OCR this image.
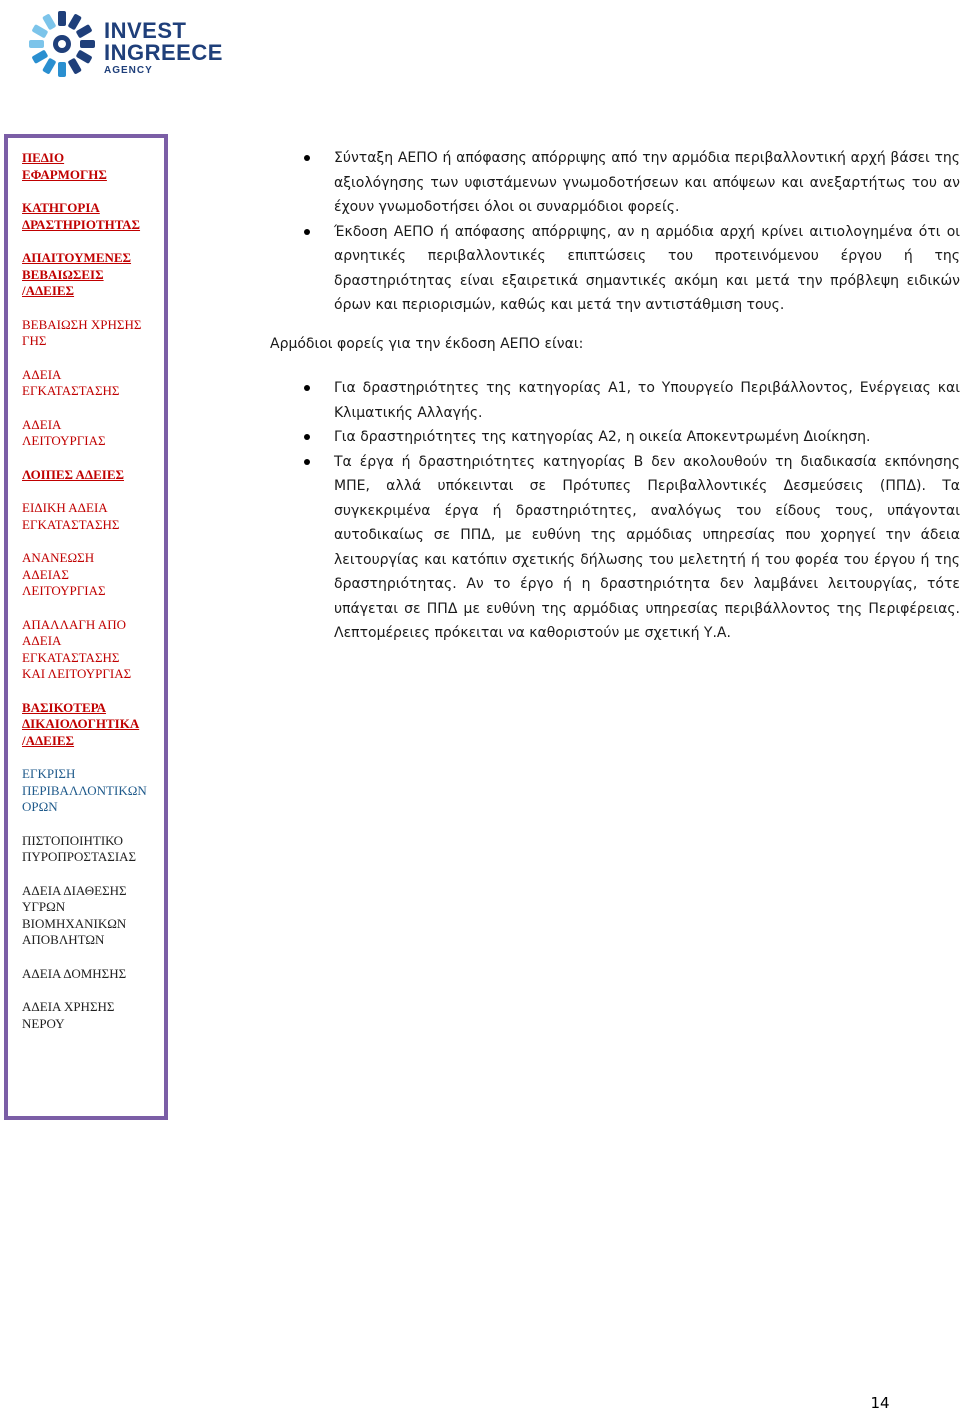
INVEST
INGREECE
AGENCY
ΠΕΔΙΟ
ΕΦΑΡΜΟΓΗΣ
ΚΑΤΗΓΟΡΙΑ
ΔΡΑΣΤΗΡΙΟΤΗΤΑΣ
ΑΠΑΙΤΟΥΜΕΝΕΣ
ΒΕΒΑΙΩΣΕΙΣ
/ΑΔΕΙΕΣ
ΒΕΒΑΙΩΣΗ ΧΡΗΣΗΣ
ΓΗΣ
ΑΔΕΙΑ
ΕΓΚΑΤΑΣΤΑΣΗΣ
ΑΔΕΙΑ
ΛΕΙΤΟΥΡΓΙΑΣ
ΛΟΙΠΕΣ ΑΔΕΙΕΣ
ΕΙΔΙΚΗ ΑΔΕΙΑ
ΕΓΚΑΤΑΣΤΑΣΗΣ
ΑΝΑΝΕΩΣΗ
ΑΔΕΙΑΣ
ΛΕΙΤΟΥΡΓΙΑΣ
ΑΠΑΛΛΑΓΗ ΑΠΟ
ΑΔΕΙΑ
ΕΓΚΑΤΑΣΤΑΣΗΣ
ΚΑΙ ΛΕΙΤΟΥΡΓΙΑΣ
ΒΑΣΙΚΟΤΕΡΑ
ΔΙΚΑΙΟΛΟΓΗΤΙΚΑ
/ΑΔΕΙΕΣ
ΕΓΚΡΙΣΗ
ΠΕΡΙΒΑΛΛΟΝΤΙΚΩΝ
ΟΡΩΝ
ΠΙΣΤΟΠΟΙΗΤΙΚΟ
ΠΥΡΟΠΡΟΣΤΑΣΙΑΣ
ΑΔΕΙΑ ΔΙΑΘΕΣΗΣ
ΥΓΡΩΝ
ΒΙΟΜΗΧΑΝΙΚΩΝ
ΑΠΟΒΛΗΤΩΝ
ΑΔΕΙΑ ΔΟΜΗΣΗΣ
ΑΔΕΙΑ ΧΡΗΣΗΣ
ΝΕΡΟΥ
Σύνταξη ΑΕΠΟ ή απόφασης απόρριψης από την αρμόδια περιβαλλοντική αρχή βάσει της αξιολόγησης των υφιστάμενων γνωμοδοτήσεων και απόψεων και ανεξαρτήτως του αν έχουν γνωμοδοτήσει όλοι οι συναρμόδιοι φορείς.
Έκδοση ΑΕΠΟ ή απόφασης απόρριψης, αν η αρμόδια αρχή κρίνει αιτιολογημένα ότι οι αρνητικές περιβαλλοντικές επιπτώσεις του προτεινόμενου έργου ή της δραστηριότητας είναι εξαιρετικά σημαντικές ακόμη και μετά την πρόβλεψη ειδικών όρων και περιορισμών, καθώς και μετά την αντιστάθμιση τους.

Αρμόδιοι φορείς για την έκδοση ΑΕΠΟ είναι:

Για δραστηριότητες της κατηγορίας Α1, το Υπουργείο Περιβάλλοντος, Ενέργειας και Κλιματικής Αλλαγής.
Για δραστηριότητες της κατηγορίας Α2, η οικεία Αποκεντρωμένη Διοίκηση.
Τα έργα ή δραστηριότητες κατηγορίας Β δεν ακολουθούν τη διαδικασία εκπόνησης ΜΠΕ, αλλά υπόκεινται σε Πρότυπες Περιβαλλοντικές Δεσμεύσεις (ΠΠΔ). Τα συγκεκριμένα έργα ή δραστηριότητες, αναλόγως του είδους τους, υπάγονται αυτοδικαίως σε ΠΠΔ, με ευθύνη της αρμόδιας υπηρεσίας που χορηγεί την άδεια λειτουργίας και κατόπιν σχετικής δήλωσης του μελετητή ή του φορέα του έργου ή της δραστηριότητας. Αν το έργο ή η δραστηριότητα δεν λαμβάνει λειτουργίας, τότε υπάγεται σε ΠΠΔ με ευθύνη της αρμόδιας υπηρεσίας περιβάλλοντος της Περιφέρειας. Λεπτομέρειες πρόκειται να καθοριστούν με σχετική Υ.Α.
14
